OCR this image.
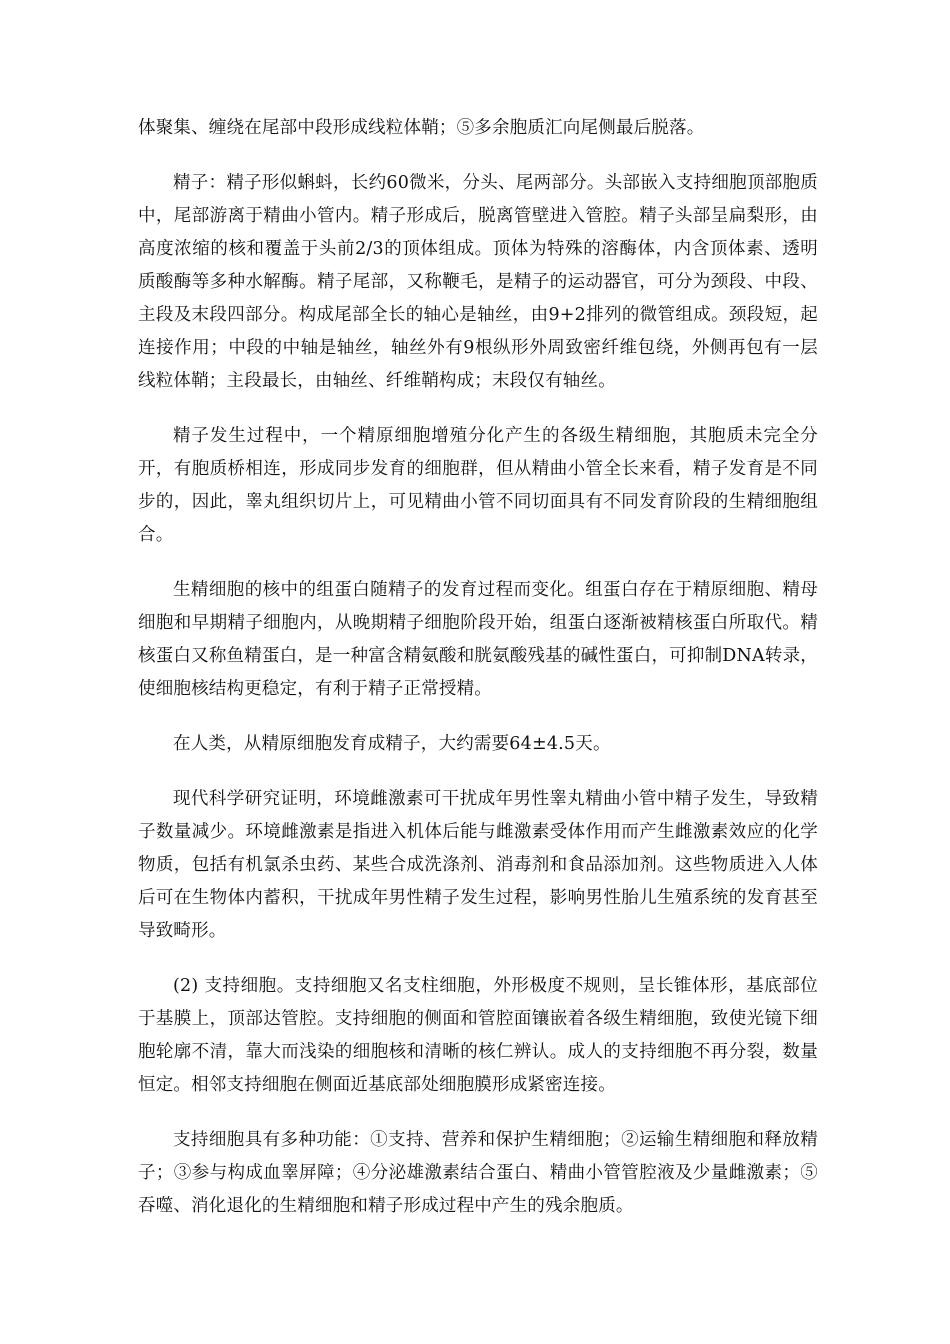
体聚集、缠绕在尾部中段形成线粒体鞘；⑤多余胞质汇向尾侧最后脱落。

精子：精子形似蝌蚪，长约60微米，分头、尾两部分。头部嵌入支持细胞顶部胞质中，尾部游离于精曲小管内。精子形成后，脱离管壁进入管腔。精子头部呈扁梨形，由高度浓缩的核和覆盖于头前2/3的顶体组成。顶体为特殊的溶酶体，内含顶体素、透明质酸酶等多种水解酶。精子尾部，又称鞭毛，是精子的运动器官，可分为颈段、中段、主段及末段四部分。构成尾部全长的轴心是轴丝，由9+2排列的微管组成。颈段短，起连接作用；中段的中轴是轴丝，轴丝外有9根纵形外周致密纤维包绕，外侧再包有一层线粒体鞘；主段最长，由轴丝、纤维鞘构成；末段仅有轴丝。

精子发生过程中，一个精原细胞增殖分化产生的各级生精细胞，其胞质未完全分开，有胞质桥相连，形成同步发育的细胞群，但从精曲小管全长来看，精子发育是不同步的，因此，睾丸组织切片上，可见精曲小管不同切面具有不同发育阶段的生精细胞组合。

生精细胞的核中的组蛋白随精子的发育过程而变化。组蛋白存在于精原细胞、精母细胞和早期精子细胞内，从晚期精子细胞阶段开始，组蛋白逐渐被精核蛋白所取代。精核蛋白又称鱼精蛋白，是一种富含精氨酸和胱氨酸残基的碱性蛋白，可抑制DNA转录，使细胞核结构更稳定，有利于精子正常授精。

在人类，从精原细胞发育成精子，大约需要64±4.5天。

现代科学研究证明，环境雌激素可干扰成年男性睾丸精曲小管中精子发生，导致精子数量减少。环境雌激素是指进入机体后能与雌激素受体作用而产生雌激素效应的化学物质，包括有机氯杀虫药、某些合成洗涤剂、消毒剂和食品添加剂。这些物质进入人体后可在生物体内蓄积，干扰成年男性精子发生过程，影响男性胎儿生殖系统的发育甚至导致畸形。

(2) 支持细胞。支持细胞又名支柱细胞，外形极度不规则，呈长锥体形，基底部位于基膜上，顶部达管腔。支持细胞的侧面和管腔面镶嵌着各级生精细胞，致使光镜下细胞轮廓不清，靠大而浅染的细胞核和清晰的核仁辨认。成人的支持细胞不再分裂，数量恒定。相邻支持细胞在侧面近基底部处细胞膜形成紧密连接。

支持细胞具有多种功能：①支持、营养和保护生精细胞；②运输生精细胞和释放精子；③参与构成血睾屏障；④分泌雄激素结合蛋白、精曲小管管腔液及少量雌激素；⑤吞噬、消化退化的生精细胞和精子形成过程中产生的残余胞质。
